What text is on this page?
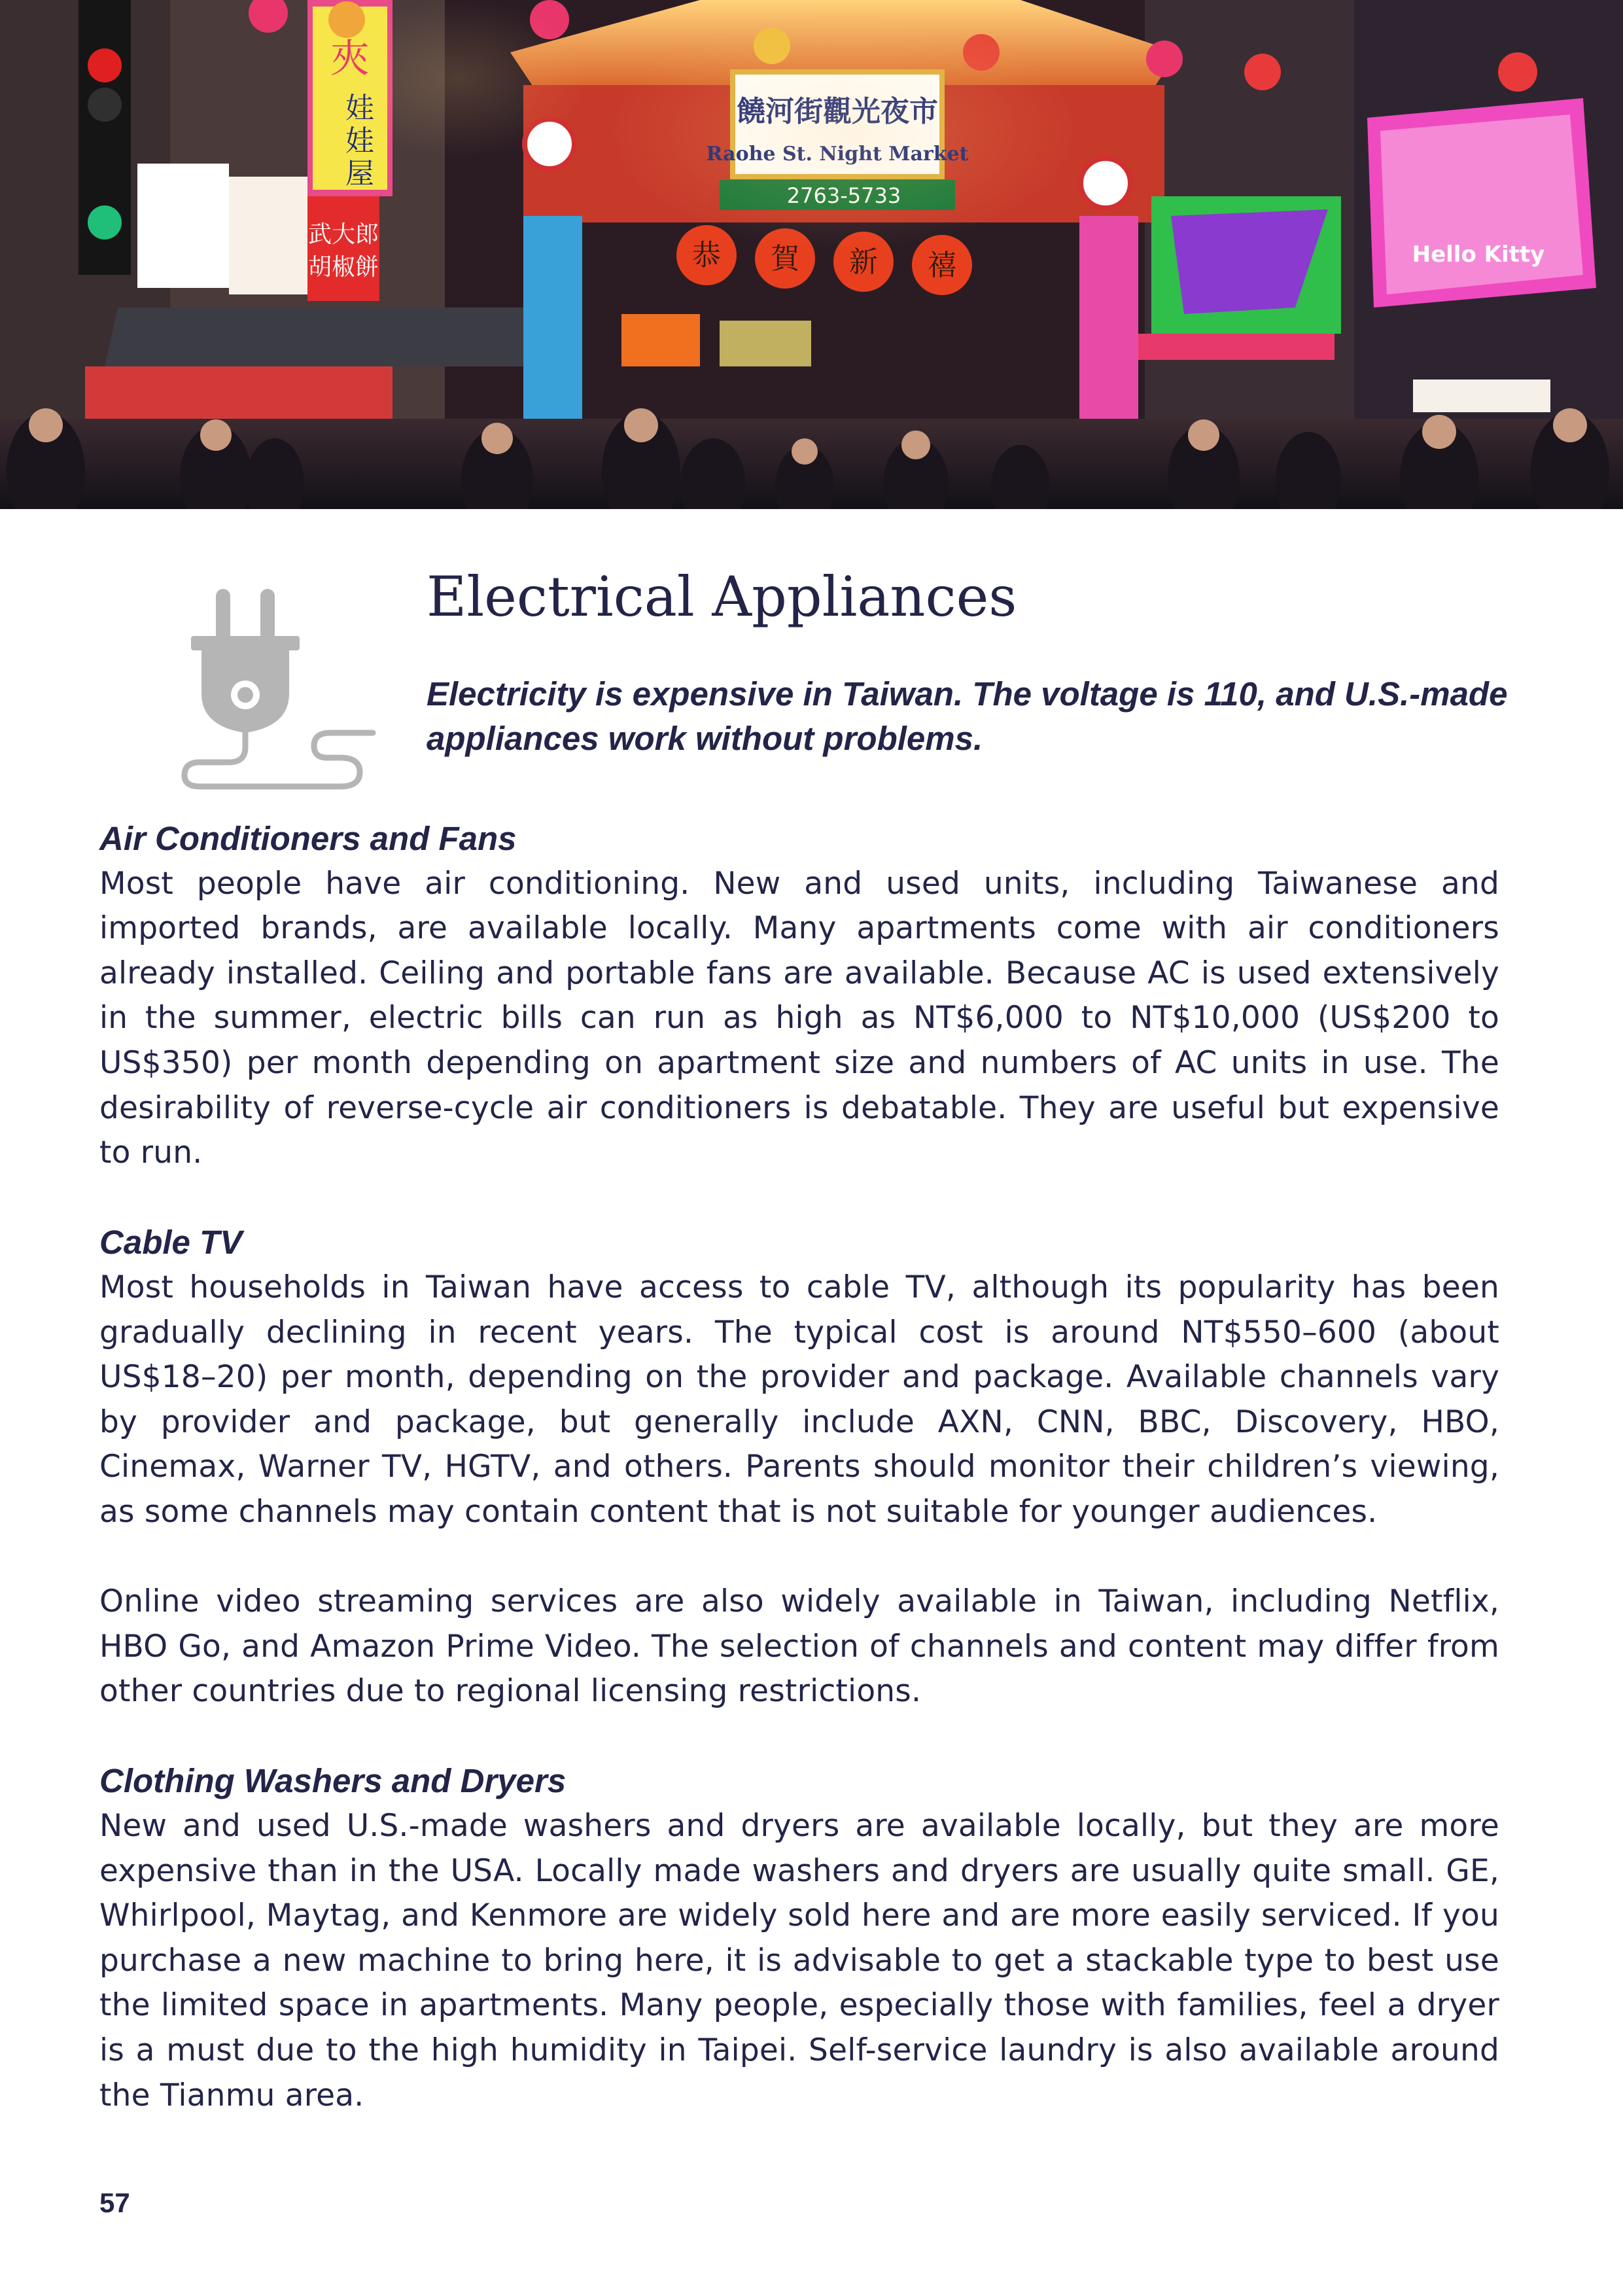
饒河街觀光夜市
Raohe St. Night Market
2763-5733
恭 賀 新 禧
夾
娃
娃
屋
武大郎
胡椒餅	Hello Kitty
Electrical Appliances

Electricity is expensive in Taiwan. The voltage is 110, and U.S.-made appliances work without problems.

Air Conditioners and Fans

Most people have air conditioning. New and used units, including Taiwanese and imported brands, are available locally. Many apartments come with air conditioners already installed. Ceiling and portable fans are available. Because AC is used extensively in the summer, electric bills can run as high as NT$6,000 to NT$10,000 (US$200 to US$350) per month depending on apartment size and numbers of AC units in use. The desirability of reverse-cycle air conditioners is debatable. They are useful but expensive to run.

Cable TV

Most households in Taiwan have access to cable TV, although its popularity has been gradually declining in recent years. The typical cost is around NT$550–600 (about US$18–20) per month, depending on the provider and package. Available channels vary by provider and package, but generally include AXN, CNN, BBC, Discovery, HBO, Cinemax, Warner TV, HGTV, and others. Parents should monitor their children’s viewing, as some channels may contain content that is not suitable for younger audiences.

Online video streaming services are also widely available in Taiwan, including Netflix, HBO Go, and Amazon Prime Video. The selection of channels and content may differ from other countries due to regional licensing restrictions.

Clothing Washers and Dryers

New and used U.S.-made washers and dryers are available locally, but they are more expensive than in the USA. Locally made washers and dryers are usually quite small. GE, Whirlpool, Maytag, and Kenmore are widely sold here and are more easily serviced. If you purchase a new machine to bring here, it is advisable to get a stackable type to best use the limited space in apartments. Many people, especially those with families, feel a dryer is a must due to the high humidity in Taipei. Self-service laundry is also available around the Tianmu area.

57
